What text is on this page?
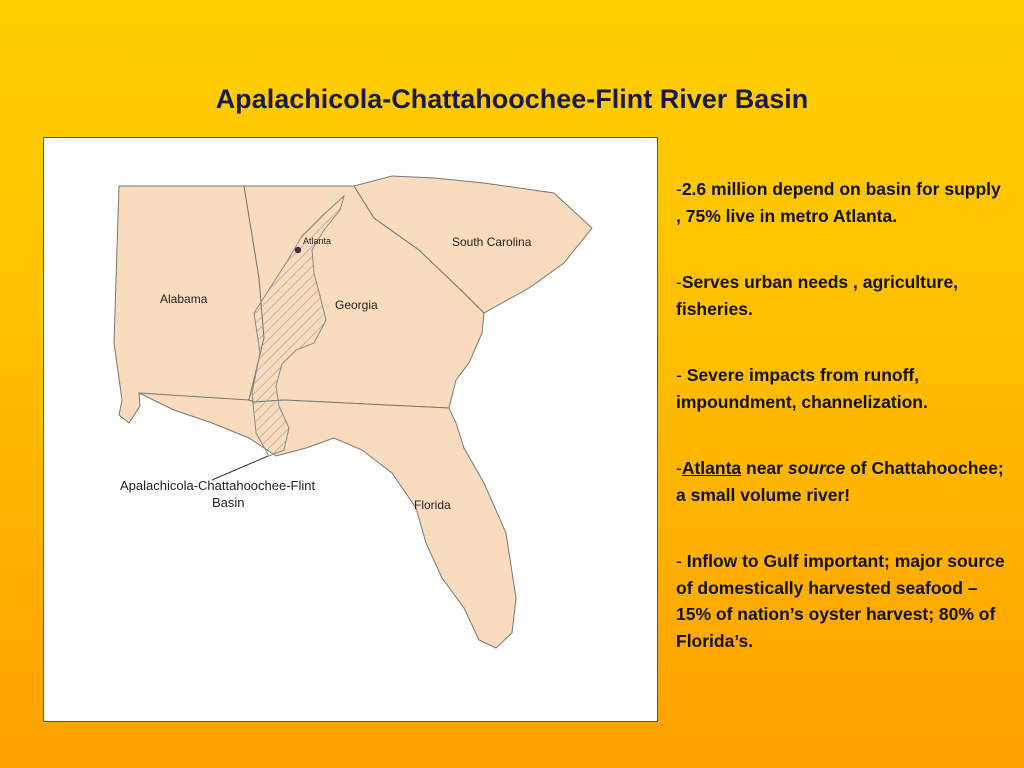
Apalachicola-Chattahoochee-Flint River Basin
Atlanta	South Carolina
Alabama	Georgia
Florida
Apalachicola-Chattahoochee-Flint
Basin
-2.6 million depend on basin for supply , 75% live in metro Atlanta.
-Serves urban needs , agriculture, fisheries.
- Severe impacts from runoff, impoundment, channelization.
-Atlanta near source of Chattahoochee; a small volume river!
- Inflow to Gulf important; major source of domestically harvested seafood – 15% of nation’s oyster harvest; 80% of Florida’s.
